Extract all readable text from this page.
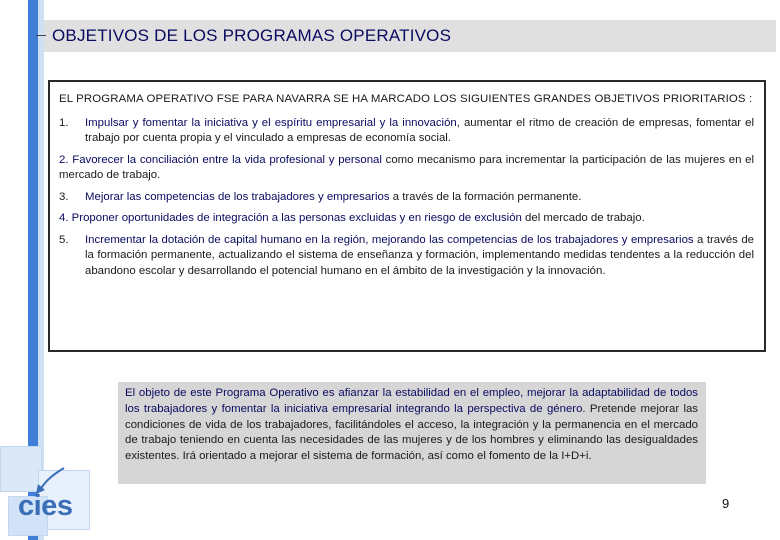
OBJETIVOS DE LOS PROGRAMAS OPERATIVOS
EL PROGRAMA OPERATIVO FSE PARA NAVARRA SE HA MARCADO LOS SIGUIENTES GRANDES OBJETIVOS PRIORITARIOS :
1.	Impulsar y fomentar la iniciativa y el espíritu empresarial y la innovación, aumentar el ritmo de creación de empresas, fomentar el trabajo por cuenta propia y el vinculado a empresas de economía social.
2. Favorecer la conciliación entre la vida profesional y personal como mecanismo para incrementar la participación de las mujeres en el mercado de trabajo.
3.	Mejorar las competencias de los trabajadores y empresarios a través de la formación permanente.
4. Proponer oportunidades de integración a las personas excluidas y en riesgo de exclusión del mercado de trabajo.
5.	Incrementar la dotación de capital humano en la región, mejorando las competencias de los trabajadores y empresarios a través de la formación permanente, actualizando el sistema de enseñanza y formación, implementando medidas tendentes a la reducción del abandono escolar y desarrollando el potencial humano en el ámbito de la investigación y la innovación.
El objeto de este Programa Operativo es afianzar la estabilidad en el empleo, mejorar la adaptabilidad de todos los trabajadores y fomentar la iniciativa empresarial integrando la perspectiva de género. Pretende mejorar las condiciones de vida de los trabajadores, facilitándoles el acceso, la integración y la permanencia en el mercado de trabajo teniendo en cuenta las necesidades de las mujeres y de los hombres y eliminando las desigualdades existentes. Irá orientado a mejorar el sistema de formación, así como el fomento de la I+D+i.
cies	9
